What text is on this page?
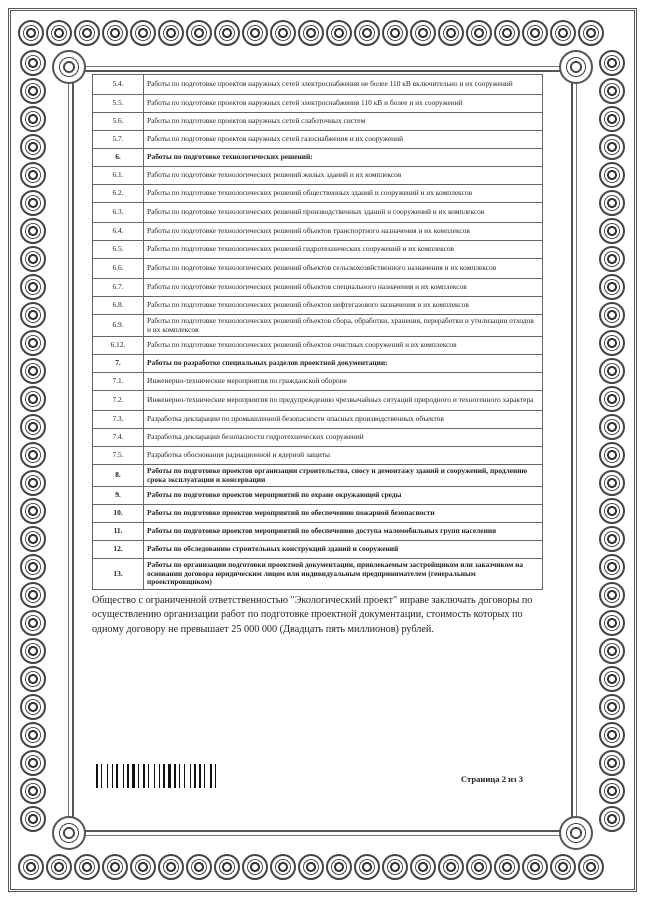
5.4.	Работы по подготовке проектов наружных сетей электроснабжения не более 110 кВ включительно и их сооружений
5.5.	Работы по подготовке проектов наружных сетей электроснабжения 110 кВ и более и их сооружений
5.6.	Работы по подготовке проектов наружных сетей слаботочных систем
5.7.	Работы по подготовке проектов наружных сетей газоснабжения и их сооружений
6.	Работы по подготовке технологических решений:
6.1.	Работы по подготовке технологических решений жилых зданий и их комплексов
6.2.	Работы по подготовке технологических решений общественных зданий и сооружений и их комплексов
6.3.	Работы по подготовке технологических решений производственных зданий и сооружений и их комплексов
6.4.	Работы по подготовке технологических решений объектов транспортного назначения и их комплексов
6.5.	Работы по подготовке технологических решений гидротехнических сооружений и их комплексов
6.6.	Работы по подготовке технологических решений объектов сельскохозяйственного назначения и их комплексов
6.7.	Работы по подготовке технологических решений объектов специального назначения и их комплексов
6.8.	Работы по подготовке технологических решений объектов нефтегазового назначения и их комплексов
6.9.	Работы по подготовке технологических решений объектов сбора, обработки, хранения, переработки и утилизации отходов и их комплексов
6.12.	Работы по подготовке технологических решений объектов очистных сооружений и их комплексов
7.	Работы по разработке специальных разделов проектной документации:
7.1.	Инженерно-технические мероприятия по гражданской обороне
7.2.	Инженерно-технические мероприятия по предупреждению чрезвычайных ситуаций природного и техногенного характера
7.3.	Разработка декларации по промышленной безопасности опасных производственных объектов
7.4.	Разработка декларации безопасности гидротехнических сооружений
7.5.	Разработка обоснования радиационной и ядерной защиты
8.	Работы по подготовке проектов организации строительства, сносу и демонтажу зданий и сооружений, продлению срока эксплуатации и консервации
9.	Работы по подготовке проектов мероприятий по охране окружающей среды
10.	Работы по подготовке проектов мероприятий по обеспечению пожарной безопасности
11.	Работы по подготовке проектов мероприятий по обеспечению доступа маломобильных групп населения
12.	Работы по обследованию строительных конструкций зданий и сооружений
13.	Работы по организации подготовки проектной документации, привлекаемым застройщиком или заказчиком на основании договора юридическим лицом или индивидуальным предпринимателем (генеральным проектировщиком)
Общество с ограниченной ответственностью "Экологический проект" вправе заключать договоры по осуществлению организации работ по подготовке проектной документации, стоимость которых по одному договору не превышает 25 000 000 (Двадцать пять миллионов) рублей.
Страница 2 из 3
